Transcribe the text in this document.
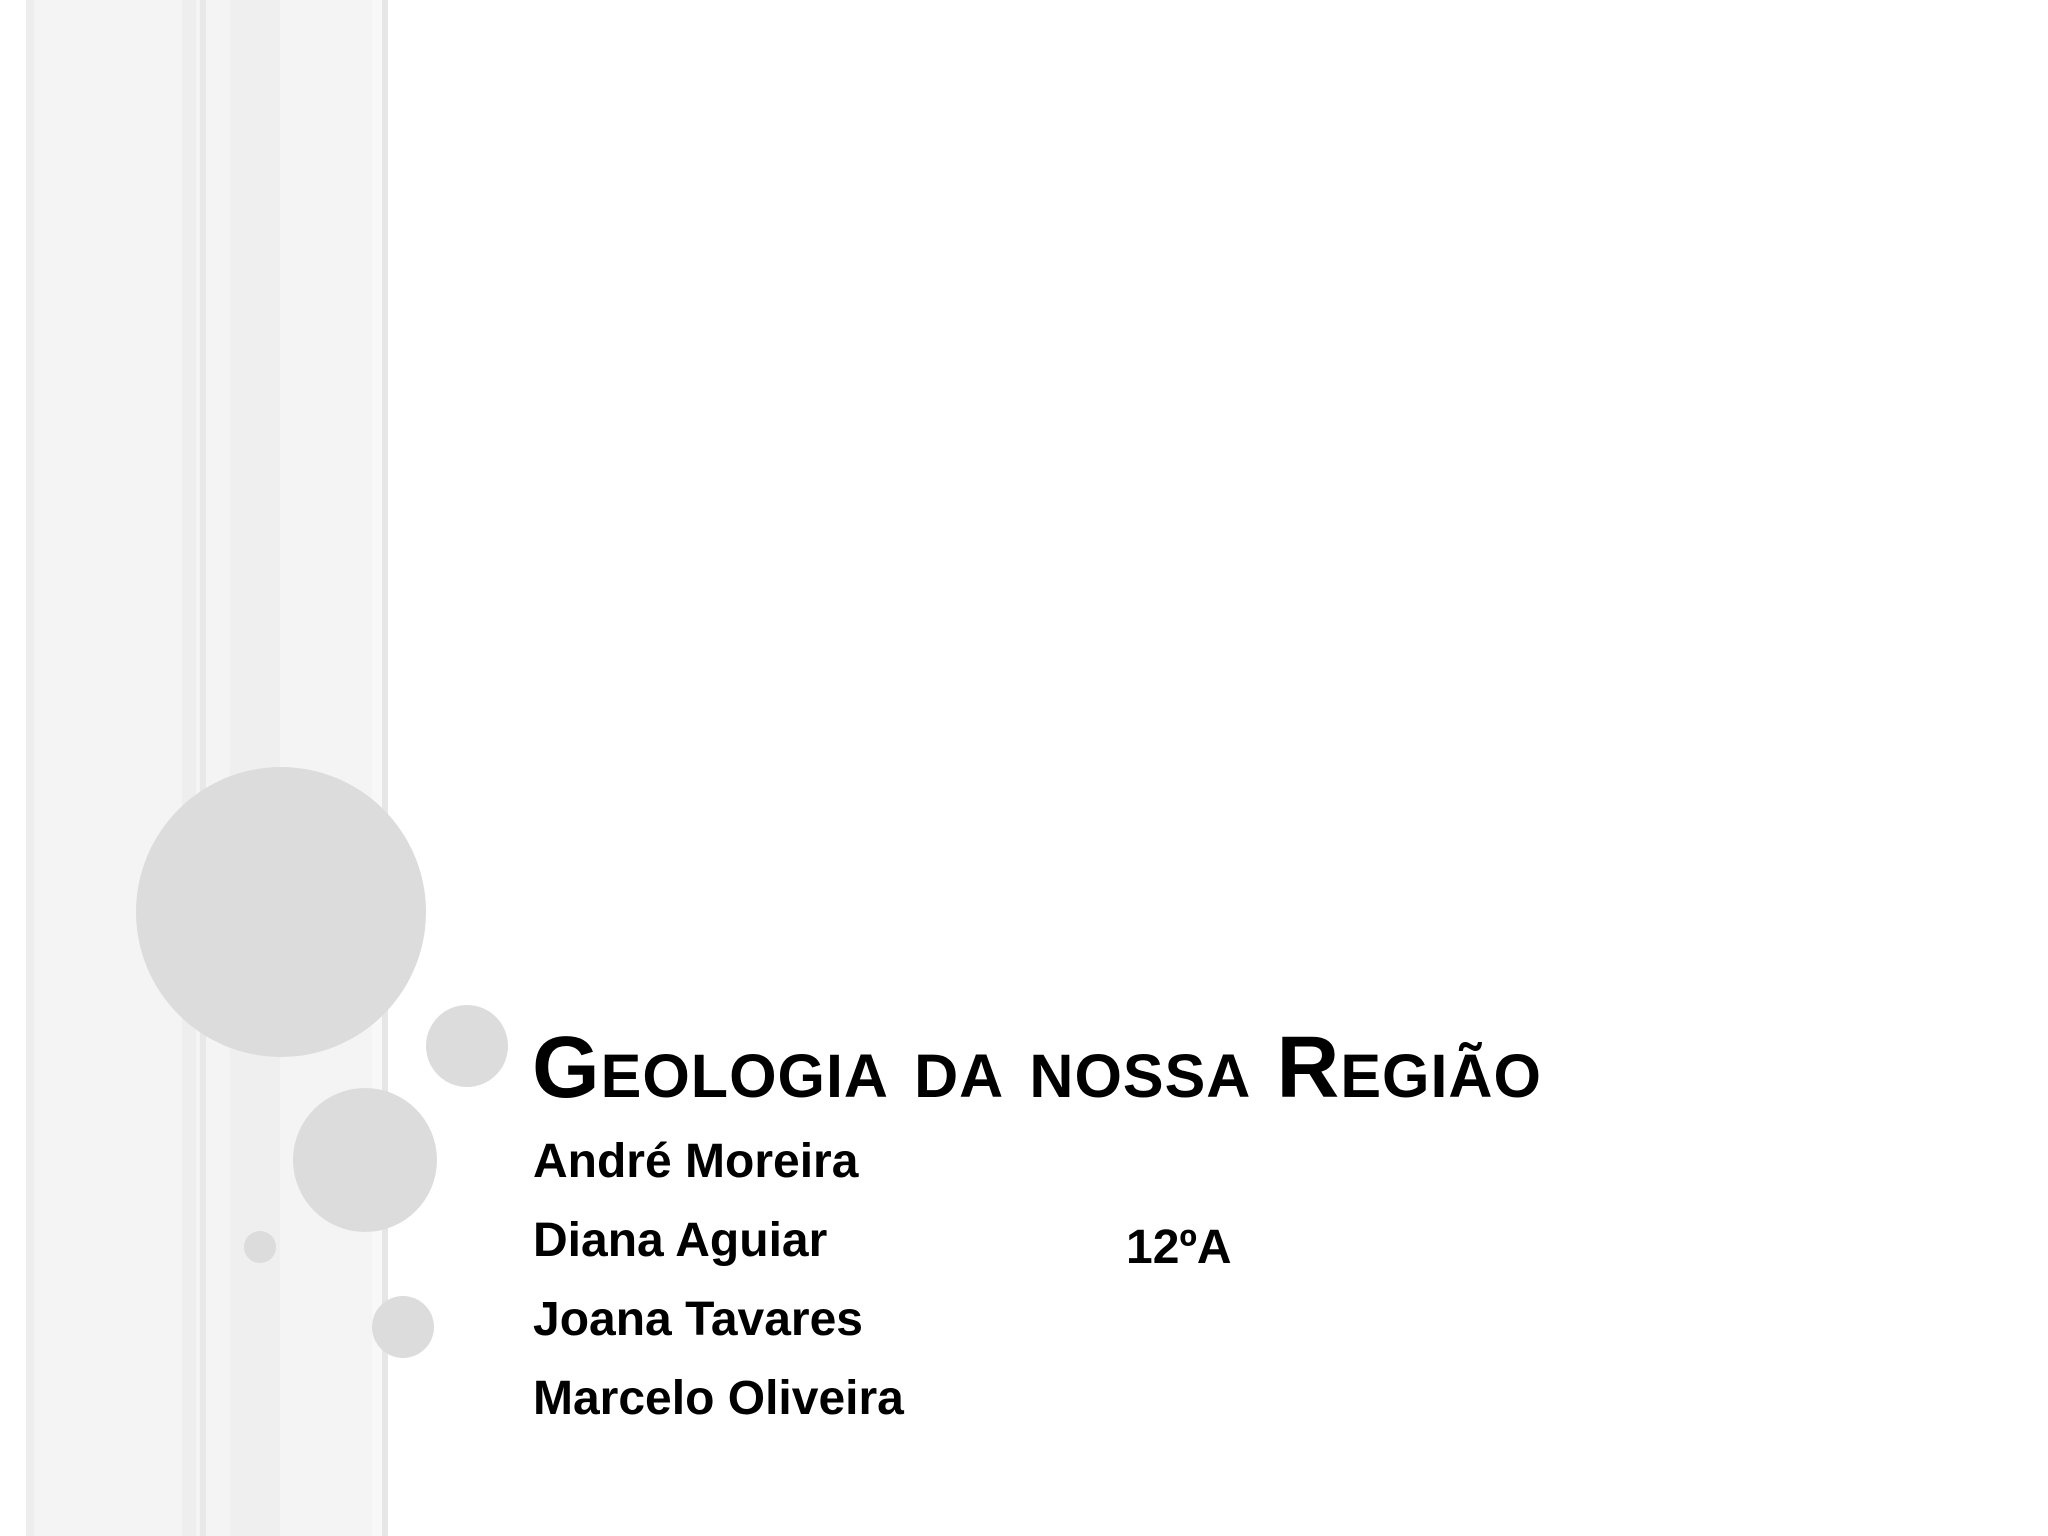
Geologia da nossa Região
André Moreira
Diana Aguiar
Joana Tavares
Marcelo Oliveira
12ºA
